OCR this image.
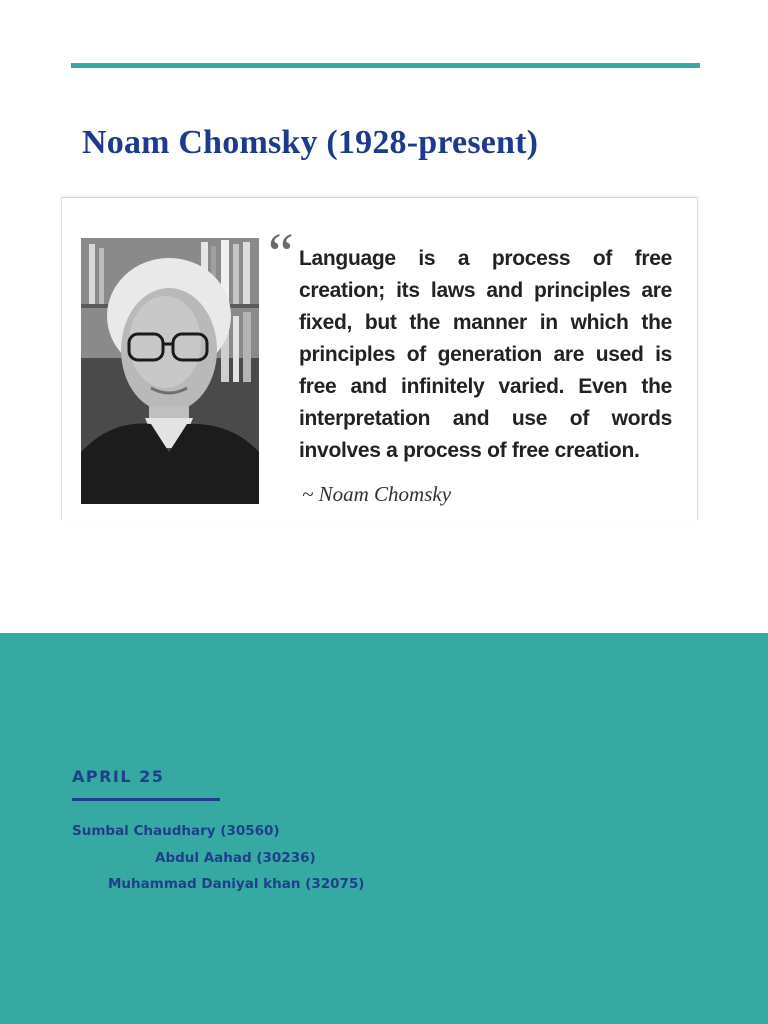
Noam Chomsky (1928-present)
“ Language is a process of free creation; its laws and principles are fixed, but the manner in which the principles of generation are used is free and infinitely varied. Even the interpretation and use of words involves a process of free creation.

~ Noam Chomsky

APRIL 25

Sumbal Chaudhary (30560)

Abdul Aahad (30236)

Muhammad Daniyal khan (32075)
